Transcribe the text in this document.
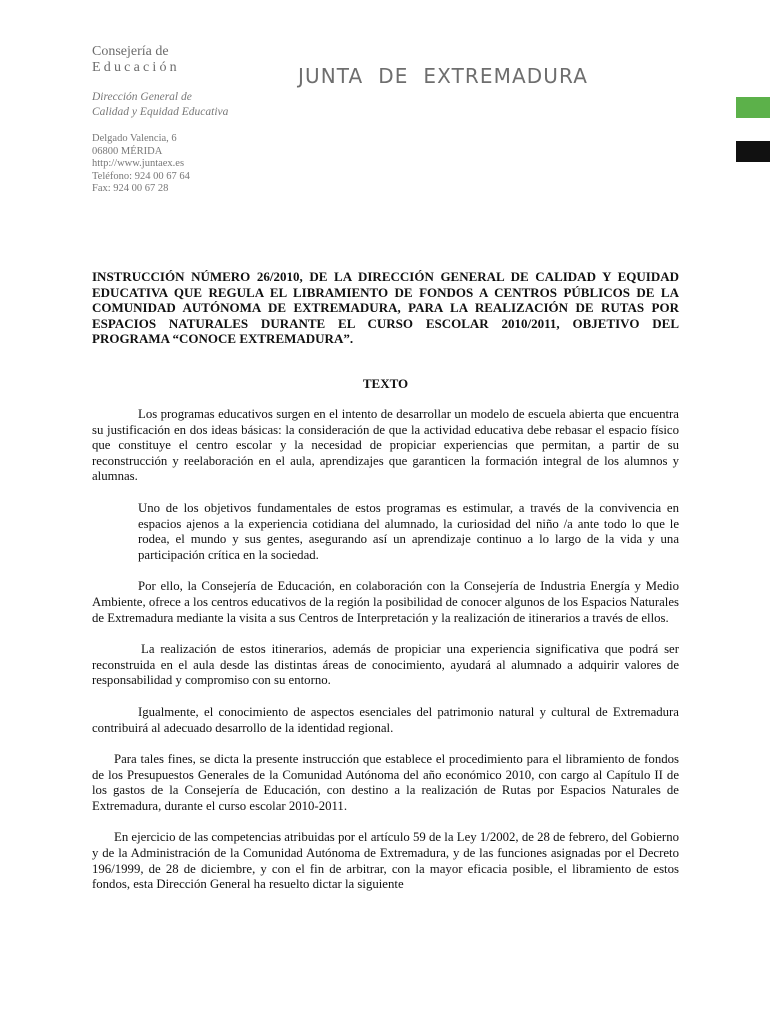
Consejería de
Educación
Dirección General de
Calidad y Equidad Educativa
Delgado Valencia, 6
06800 MÉRIDA
http://www.juntaex.es
Teléfono: 924 00 67 64
Fax: 924 00 67 28
JUNTA  DE  EXTREMADURA
INSTRUCCIÓN NÚMERO 26/2010, DE LA DIRECCIÓN GENERAL DE CALIDAD Y EQUIDAD EDUCATIVA QUE REGULA EL LIBRAMIENTO DE FONDOS A CENTROS PÚBLICOS DE LA COMUNIDAD AUTÓNOMA DE EXTREMADURA, PARA LA REALIZACIÓN DE RUTAS POR ESPACIOS NATURALES DURANTE EL CURSO ESCOLAR 2010/2011, OBJETIVO DEL PROGRAMA “CONOCE EXTREMADURA”.
TEXTO

Los programas educativos surgen en el intento de desarrollar un modelo de escuela abierta que encuentra su justificación en dos ideas básicas: la consideración de que la actividad educativa debe rebasar el espacio físico que constituye el centro escolar y la necesidad de propiciar experiencias que permitan, a partir de su reconstrucción y reelaboración en el aula, aprendizajes que garanticen la formación integral de los alumnos y alumnas.

Uno de los objetivos fundamentales de estos programas es estimular, a través de la convivencia en espacios ajenos a la experiencia cotidiana del alumnado, la curiosidad del niño /a ante todo lo que le rodea, el mundo y sus gentes, asegurando así un aprendizaje continuo a lo largo de la vida y una participación crítica en la sociedad.

Por ello, la Consejería de Educación, en colaboración con la Consejería de Industria Energía y Medio Ambiente, ofrece a los centros educativos de la región la posibilidad de conocer algunos de los Espacios Naturales de Extremadura mediante la visita a sus Centros de Interpretación y la realización de itinerarios a través de ellos.

La realización de estos itinerarios, además de propiciar una experiencia significativa que podrá ser reconstruida en el aula desde las distintas áreas de conocimiento, ayudará al alumnado a adquirir valores de responsabilidad y compromiso con su entorno.

Igualmente, el conocimiento de aspectos esenciales del patrimonio natural y cultural de Extremadura contribuirá al adecuado desarrollo de la identidad regional.

Para tales fines, se dicta la presente instrucción que establece el procedimiento para el libramiento de fondos de los Presupuestos Generales de la Comunidad Autónoma del año económico 2010, con cargo al Capítulo II de los gastos de la Consejería de Educación, con destino a la realización de Rutas por Espacios Naturales de Extremadura, durante el curso escolar 2010-2011.

En ejercicio de las competencias atribuidas por el artículo 59 de la Ley 1/2002, de 28 de febrero, del Gobierno y de la Administración de la Comunidad Autónoma de Extremadura, y de las funciones asignadas por el Decreto 196/1999, de 28 de diciembre, y con el fin de arbitrar, con la mayor eficacia posible, el libramiento de estos fondos, esta Dirección General ha resuelto dictar la siguiente
